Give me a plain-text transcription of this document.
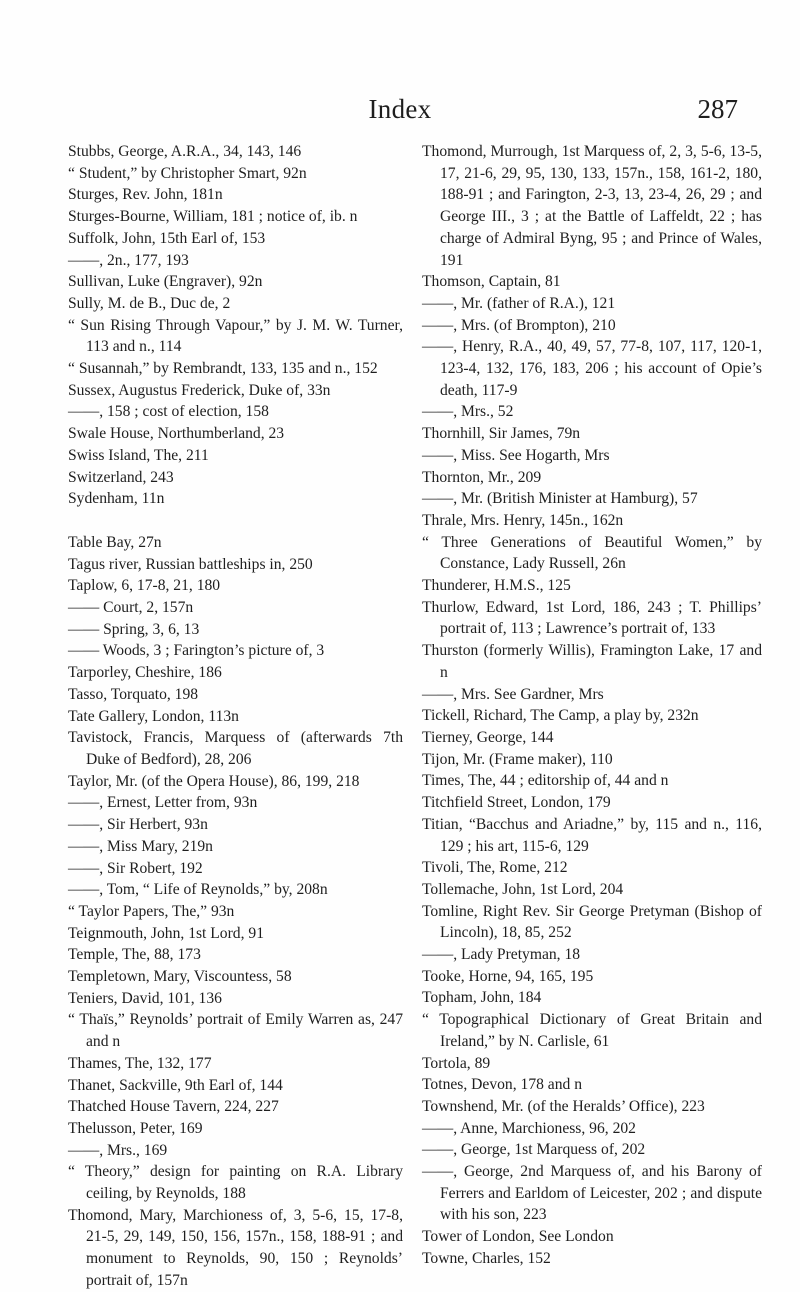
Index	287

Stubbs, George, A.R.A., 34, 143, 146

“ Student,” by Christopher Smart, 92n

Sturges, Rev. John, 181n

Sturges-Bourne, William, 181 ; notice of, ib. n

Suffolk, John, 15th Earl of, 153

——, 2n., 177, 193

Sullivan, Luke (Engraver), 92n

Sully, M. de B., Duc de, 2

“ Sun Rising Through Vapour,” by J. M. W. Turner, 113 and n., 114

“ Susannah,” by Rembrandt, 133, 135 and n., 152

Sussex, Augustus Frederick, Duke of, 33n

——, 158 ; cost of election, 158

Swale House, Northumberland, 23

Swiss Island, The, 211

Switzerland, 243

Sydenham, 11n

Table Bay, 27n

Tagus river, Russian battleships in, 250

Taplow, 6, 17-8, 21, 180

—— Court, 2, 157n

—— Spring, 3, 6, 13

—— Woods, 3 ; Farington’s picture of, 3

Tarporley, Cheshire, 186

Tasso, Torquato, 198

Tate Gallery, London, 113n

Tavistock, Francis, Marquess of (afterwards 7th Duke of Bedford), 28, 206

Taylor, Mr. (of the Opera House), 86, 199, 218

——, Ernest, Letter from, 93n

——, Sir Herbert, 93n

——, Miss Mary, 219n

——, Sir Robert, 192

——, Tom, “ Life of Reynolds,” by, 208n

“ Taylor Papers, The,” 93n

Teignmouth, John, 1st Lord, 91

Temple, The, 88, 173

Templetown, Mary, Viscountess, 58

Teniers, David, 101, 136

“ Thaïs,” Reynolds’ portrait of Emily Warren as, 247 and n

Thames, The, 132, 177

Thanet, Sackville, 9th Earl of, 144

Thatched House Tavern, 224, 227

Thelusson, Peter, 169

——, Mrs., 169

“ Theory,” design for painting on R.A. Library ceiling, by Reynolds, 188

Thomond, Mary, Marchioness of, 3, 5-6, 15, 17-8, 21-5, 29, 149, 150, 156, 157n., 158, 188-91 ; and monument to Reynolds, 90, 150 ; Reynolds’ portrait of, 157n

Thomond, Murrough, 1st Marquess of, 2, 3, 5-6, 13-5, 17, 21-6, 29, 95, 130, 133, 157n., 158, 161-2, 180, 188-91 ; and Farington, 2-3, 13, 23-4, 26, 29 ; and George III., 3 ; at the Battle of Laffeldt, 22 ; has charge of Admiral Byng, 95 ; and Prince of Wales, 191

Thomson, Captain, 81

——, Mr. (father of R.A.), 121

——, Mrs. (of Brompton), 210

——, Henry, R.A., 40, 49, 57, 77-8, 107, 117, 120-1, 123-4, 132, 176, 183, 206 ; his account of Opie’s death, 117-9

——, Mrs., 52

Thornhill, Sir James, 79n

——, Miss. See Hogarth, Mrs

Thornton, Mr., 209

——, Mr. (British Minister at Hamburg), 57

Thrale, Mrs. Henry, 145n., 162n

“ Three Generations of Beautiful Women,” by Constance, Lady Russell, 26n

Thunderer, H.M.S., 125

Thurlow, Edward, 1st Lord, 186, 243 ; T. Phillips’ portrait of, 113 ; Lawrence’s portrait of, 133

Thurston (formerly Willis), Framington Lake, 17 and n

——, Mrs. See Gardner, Mrs

Tickell, Richard, The Camp, a play by, 232n

Tierney, George, 144

Tijon, Mr. (Frame maker), 110

Times, The, 44 ; editorship of, 44 and n

Titchfield Street, London, 179

Titian, “Bacchus and Ariadne,” by, 115 and n., 116, 129 ; his art, 115-6, 129

Tivoli, The, Rome, 212

Tollemache, John, 1st Lord, 204

Tomline, Right Rev. Sir George Pretyman (Bishop of Lincoln), 18, 85, 252

——, Lady Pretyman, 18

Tooke, Horne, 94, 165, 195

Topham, John, 184

“ Topographical Dictionary of Great Britain and Ireland,” by N. Carlisle, 61

Tortola, 89

Totnes, Devon, 178 and n

Townshend, Mr. (of the Heralds’ Office), 223

——, Anne, Marchioness, 96, 202

——, George, 1st Marquess of, 202

——, George, 2nd Marquess of, and his Barony of Ferrers and Earldom of Leicester, 202 ; and dispute with his son, 223

Tower of London, See London

Towne, Charles, 152
